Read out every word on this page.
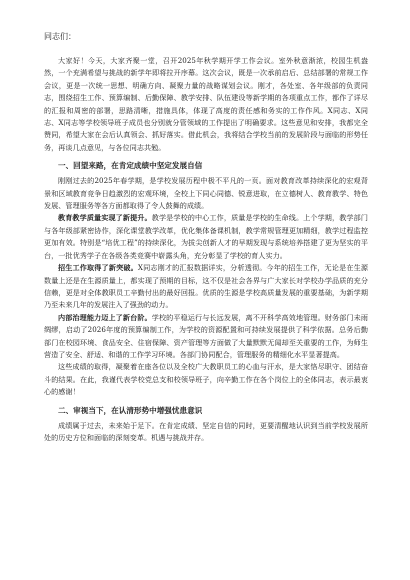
同志们：

大家好！今天，大家齐聚一堂，召开2025年秋学期开学工作会议。室外秋意渐浓，校园生机盎然，一个充满希望与挑战的新学年即将拉开序幕。这次会议，既是一次承前启后、总结部署的常规工作会议，更是一次统一思想、明确方向、凝聚力量的战略谋划会议。刚才，各处室、各年级部的负责同志，围绕招生工作、预算编制、后勤保障、教学安排、队伍建设等新学期的各项重点工作，都作了详尽的汇报和周密的部署，思路清晰，措施具体，体现了高度的责任感和务实的工作作风。X同志、X同志、X同志等学校领导班子成员也分别就分管领域的工作提出了明确要求。这些意见和安排，我都完全赞同，希望大家在会后认真领会、抓好落实。借此机会，我将结合学校当前的发展阶段与面临的形势任务，再谈几点意见，与各位同志共勉。

一、回望来路，在肯定成绩中坚定发展自信

刚刚过去的2025年春学期，是学校发展历程中极不平凡的一页。面对教育改革持续深化的宏观背景和区域教育竞争日趋激烈的宏观环境，全校上下同心同德、锐意进取，在立德树人、教育教学、特色发展、管理服务等各方面都取得了令人鼓舞的成绩。

教育教学质量实现了新提升。教学是学校的中心工作，质量是学校的生命线。上个学期，教学部门与各年级部紧密协作，深化课堂教学改革，优化集体备课机制，教学常规管理更加精细，教学过程监控更加有效。特别是“培优工程”的持续深化，为拔尖创新人才的早期发现与系统培养搭建了更为坚实的平台，一批优秀学子在各级各类竞赛中崭露头角，充分彰显了学校的育人实力。

招生工作取得了新突破。X同志刚才的汇报数据详实，分析透彻。今年的招生工作，无论是在生源数量上还是在生源质量上，都实现了预期的目标，这不仅是社会各界与广大家长对学校办学品质的充分信赖，更是对全体教职员工辛勤付出的最好回报。优质的生源是学校高质量发展的重要基础，为新学期乃至未来几年的发展注入了强劲的动力。

内部治理能力迈上了新台阶。学校的平稳运行与长远发展，离不开科学高效地管理。财务部门未雨绸缪，启动了2026年度的预算编制工作，为学校的资源配置和可持续发展提供了科学依据。总务后勤部门在校园环境、食品安全、住宿保障、资产管理等方面做了大量默默无闻却至关重要的工作，为师生营造了安全、舒适、和谐的工作学习环境。各部门协同配合，管理服务的精细化水平显著提高。

这些成绩的取得，凝聚着在座各位以及全校广大教职员工的心血与汗水，是大家恪尽职守、团结奋斗的结果。在此，我谨代表学校党总支和校领导班子，向辛勤工作在各个岗位上的全体同志，表示最衷心的感谢！

二、审视当下，在认清形势中增强忧患意识

成绩属于过去，未来始于足下。在肯定成绩、坚定自信的同时，更要清醒地认识到当前学校发展所处的历史方位和面临的深刻变革。机遇与挑战并存。
